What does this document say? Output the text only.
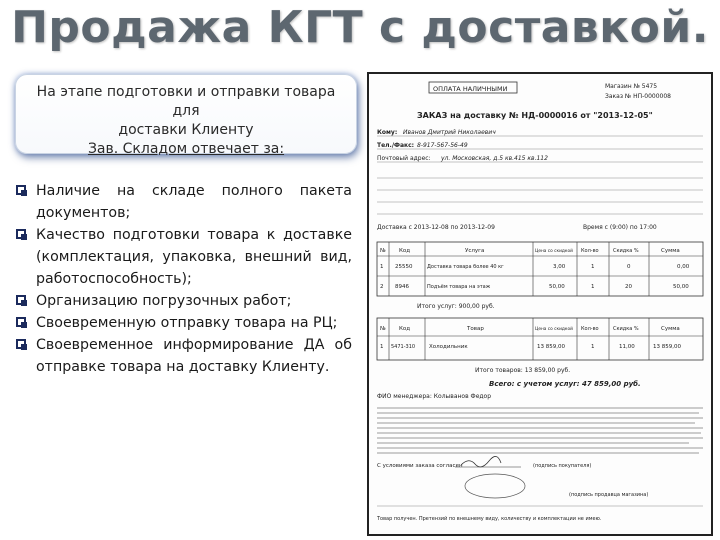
Продажа КГТ с доставкой.
На этапе подготовки и отправки товара для
доставки Клиенту
Зав. Складом отвечает за:
Наличие на складе полного пакета документов;
Качество подготовки товара к доставке (комплектация, упаковка, внешний вид, работоспособность);
Организацию погрузочных работ;
Своевременную отправку товара на РЦ;
Своевременное информирование ДА об отправке товара на доставку Клиенту.
ОПЛАТА НАЛИЧНЫМИ	Магазин № 5475
Заказ № НП-0000008
ЗАКАЗ на доставку № НД-0000016 от "2013-12-05"
Кому: Иванов Дмитрий Николаевич
Тел./Факс: 8-917-567-56-49
Почтовый адрес: ул. Московская, д.5 кв.415 кв.112
Доставка с 2013-12-08 по 2013-12-09	Время с (9:00) по 17:00
№ Код	Услуга	Цена со скидкой Кол-во	Скидка %	Сумма
1 25550	Доставка товара более 40 кг	3,00	1	0	0,00
2 8946	Подъём товара на этаж	50,00	1	20	50,00
Итого услуг: 900,00 руб.
№ Код	Товар	Цена со скидкой Кол-во	Скидка %	Сумма
1 5471-310	Холодильник	13 859,00	1	11,00	13 859,00
Итого товаров: 13 859,00 руб.
Всего: с учетом услуг: 47 859,00 руб.
ФИО менеджера: Колыванов Федор
С условиями заказа согласен	(подпись покупателя)
(подпись продавца магазина)
Товар получен. Претензий по внешнему виду, количеству и комплектации не имею.
